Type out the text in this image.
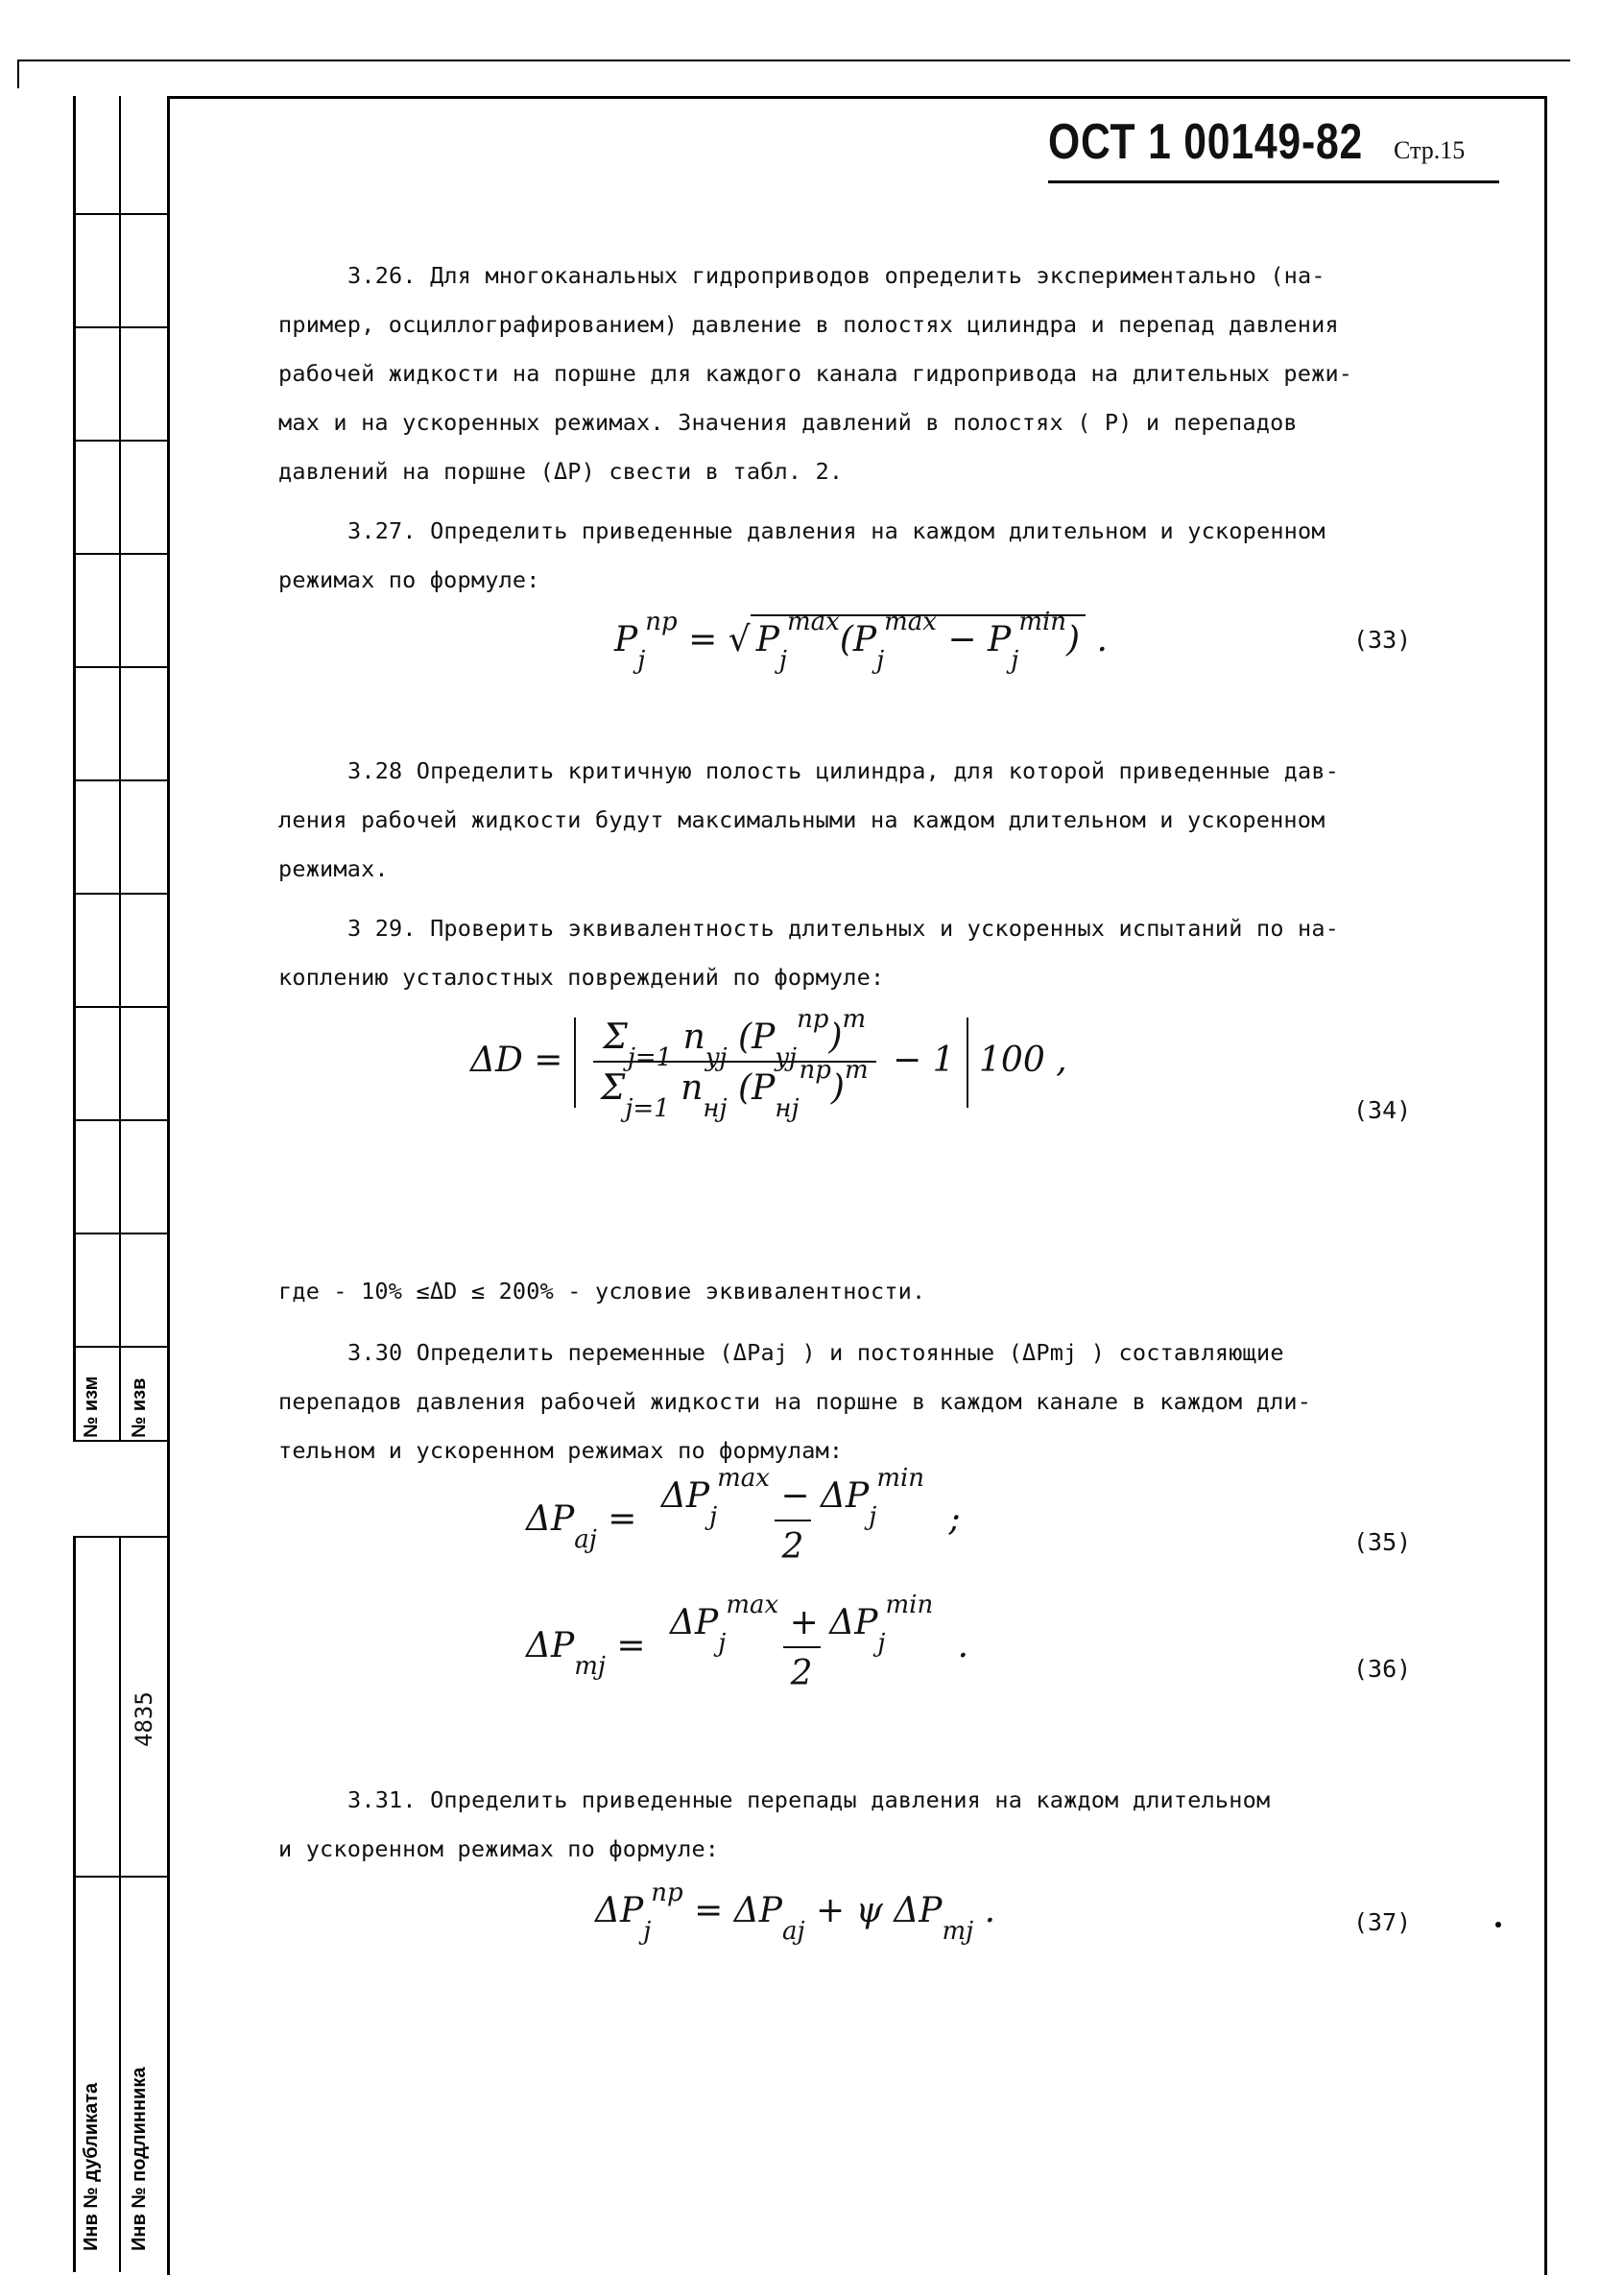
№ изм № изв
4835
Инв № дубликата Инв № подлинника
ОСТ 1 00149-82 Стр.15
3.26. Для многоканальных гидроприводов определить экспериментально (на-
пример, осциллографированием) давление в полостях цилиндра и перепад давления
рабочей жидкости на поршне для каждого канала гидропривода на длительных режи-
мах и на ускоренных режимах. Значения давлений в полостях ( P) и перепадов
давлений на поршне (ΔP) свести в табл. 2.
3.27. Определить приведенные давления на каждом длительном и ускоренном
режимах по формуле:
$P_j^{пр}$ = √ $P_j^{max}(P_j^{max} - P_j^{min})$ .	(33)
3.28 Определить критичную полость цилиндра, для которой приведенные дав-
ления рабочей жидкости будут максимальными на каждом длительном и ускоренном
режимах.
3 29. Проверить эквивалентность длительных и ускоренных испытаний по на-
коплению усталостных повреждений по формуле:
$\Delta D = \frac{\Sigma_{j=1} n_{yj} (P_{yj}^{пр})^m}{\Sigma_{j=1} n_{нj} (P_{нj}^{пр})^m} - 1$ 100 ,
(34)
где - 10% ≤ΔD ≤ 200% - условие эквивалентности.
3.30 Определить переменные (ΔPaj ) и постоянные (ΔPmj ) составляющие
перепадов давления рабочей жидкости на поршне в каждом канале в каждом дли-
тельном и ускоренном режимах по формулам:
$\Delta P_{aj} = \frac{\Delta P_j^{max} - \Delta P_j^{min}}{2}$ ;
(35)
$\Delta P_{mj} = \frac{\Delta P_j^{max} + \Delta P_j^{min}}{2}$ .
(36)
3.31. Определить приведенные перепады давления на каждом длительном
и ускоренном режимах по формуле:
$\Delta P_j^{пр} = \Delta P_{aj} + \psi$ $\Delta P_{mj}$ .	(37)
